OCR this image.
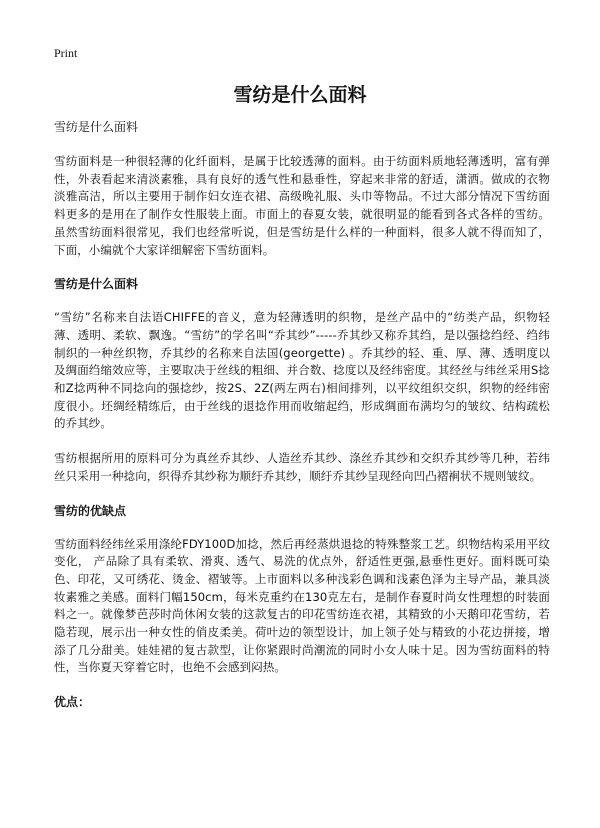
Print
雪纺是什么面料

雪纺是什么面料

雪纺面料是一种很轻薄的化纤面料，是属于比较透薄的面料。由于纺面料质地轻薄透明，富有弹性，外表看起来清淡素雅，具有良好的透气性和悬垂性，穿起来非常的舒适，潇洒。做成的衣物淡雅高洁，所以主要用于制作妇女连衣裙、高级晚礼服、头巾等物品。不过大部分情况下雪纺面料更多的是用在了制作女性服装上面。市面上的春夏女装，就很明显的能看到各式各样的雪纺。虽然雪纺面料很常见，我们也经常听说，但是雪纺是什么样的一种面料，很多人就不得而知了，下面，小编就个大家详细解密下雪纺面料。

雪纺是什么面料

“雪纺”名称来自法语CHIFFE的音义，意为轻薄透明的织物，是丝产品中的“纺类产品，织物轻薄、透明、柔软、飘逸。“雪纺”的学名叫“乔其纱”-----乔其纱又称乔其绉，是以强捻绉经、绉纬制织的一种丝织物，乔其纱的名称来自法国(georgette) 。乔其纱的轻、重、厚、薄、透明度以及绸面绉缩效应等，主要取决于丝线的粗细、并合数、捻度以及经纬密度。其经丝与纬丝采用S捻和Z捻两种不同捻向的强捻纱，按2S、2Z(两左两右)相间排列，以平纹组织交织，织物的经纬密度很小。坯绸经精练后，由于丝线的退捻作用而收缩起绉，形成绸面布满均匀的皱纹、结构疏松的乔其纱。

雪纺根据所用的原料可分为真丝乔其纱、人造丝乔其纱、涤丝乔其纱和交织乔其纱等几种，若纬丝只采用一种捻向，织得乔其纱称为顺纡乔其纱，顺纡乔其纱呈现经向凹凸褶裥状不规则皱纹。

雪纺的优缺点

雪纺面料经纬丝采用涤纶FDY100D加捻，然后再经蒸烘退捻的特殊整浆工艺。织物结构采用平纹 变化， 产品除了具有柔软、滑爽、透气、易洗的优点外，舒适性更强,悬垂性更好。面料既可染色、印花，又可绣花、烫金、褶皱等。上市面料以多种浅彩色调和浅素色泽为主导产品，兼具淡妆素雅之美感。面料门幅150cm，每米克重约在130克左右，是制作春夏时尚女性理想的时装面料之一。就像梦芭莎时尚休闲女装的这款复古的印花雪纺连衣裙，其精致的小天鹅印花雪纺，若隐若现，展示出一种女性的俏皮柔美。荷叶边的领型设计，加上领子处与精致的小花边拼接，增添了几分甜美。娃娃裙的复古款型，让你紧跟时尚潮流的同时小女人味十足。因为雪纺面料的特性，当你夏天穿着它时，也绝不会感到闷热。

优点：
